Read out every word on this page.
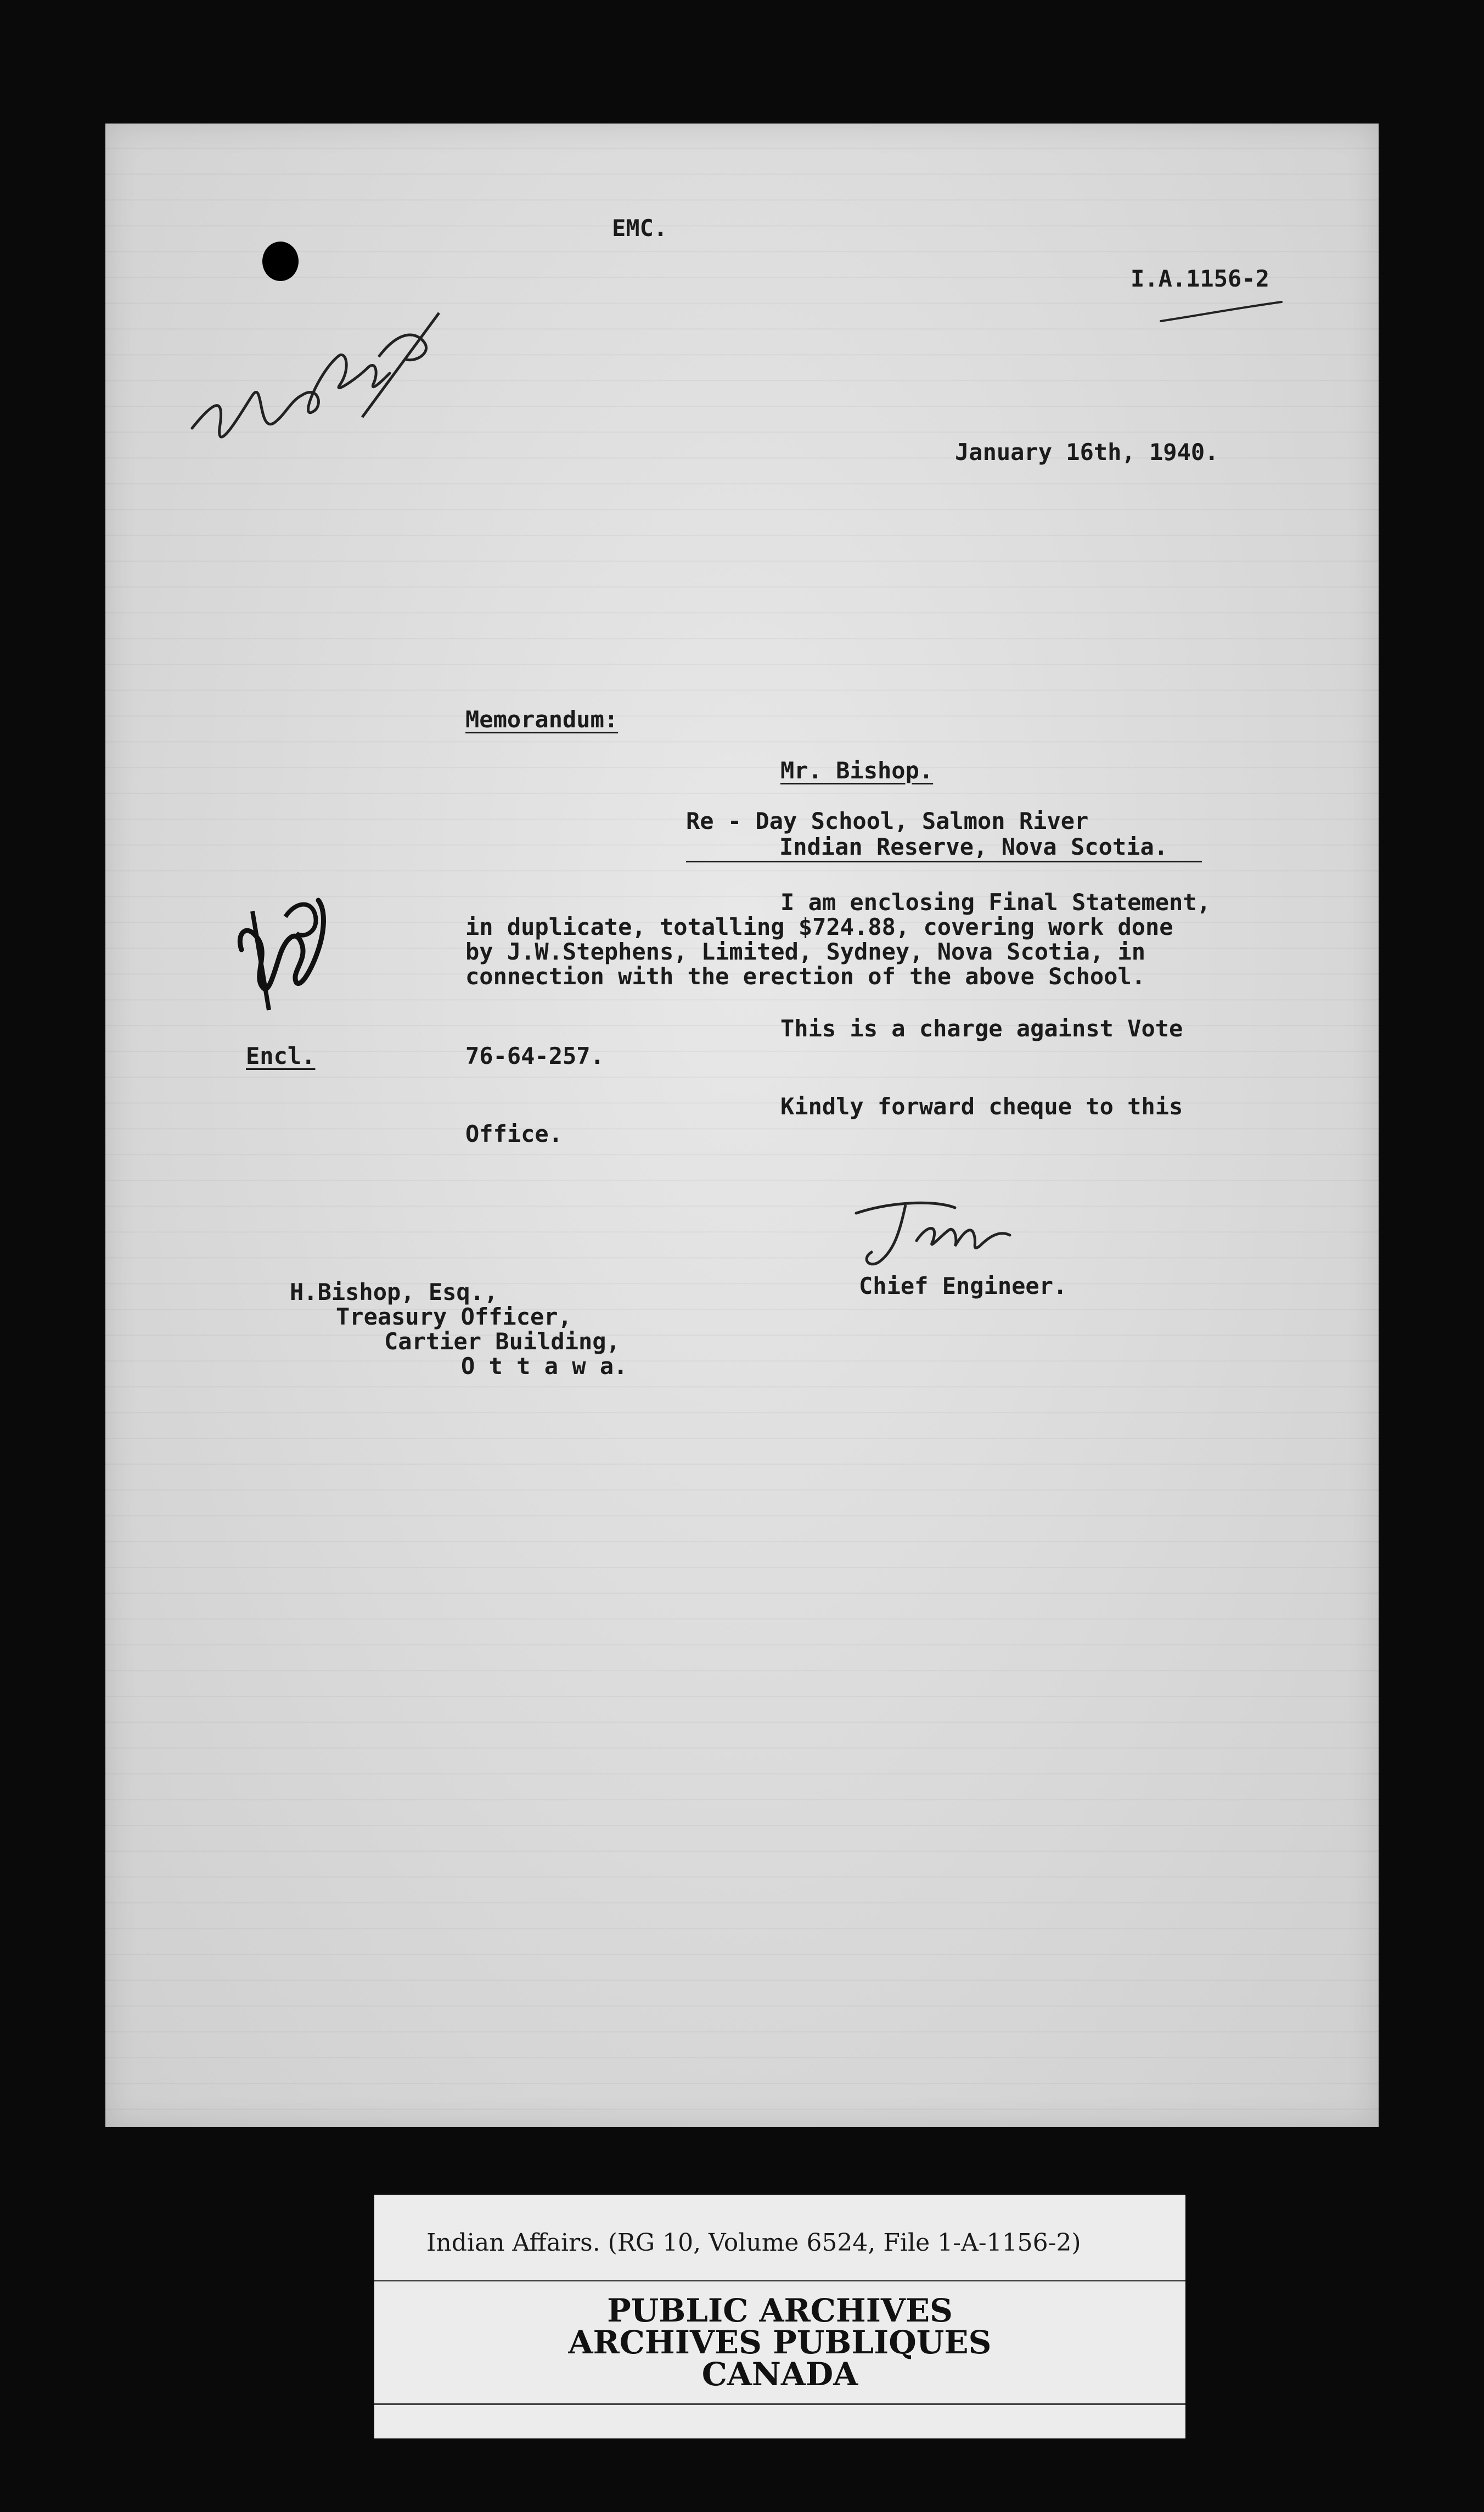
EMC.
I.A.1156-2
January 16th, 1940.
Memorandum:
Mr. Bishop.
Re - Day School, Salmon River
Indian Reserve, Nova Scotia.
I am enclosing Final Statement,
in duplicate, totalling $724.88, covering work done
by J.W.Stephens, Limited, Sydney, Nova Scotia, in
connection with the erection of the above School.
This is a charge against Vote
Encl.	76-64-257.
Kindly forward cheque to this
Office.
Chief Engineer.
H.Bishop, Esq.,
Treasury Officer,
Cartier Building,
O t t a w a.
Indian Affairs. (RG 10, Volume 6524, File 1-A-1156-2)
PUBLIC ARCHIVES
ARCHIVES PUBLIQUES
CANADA
